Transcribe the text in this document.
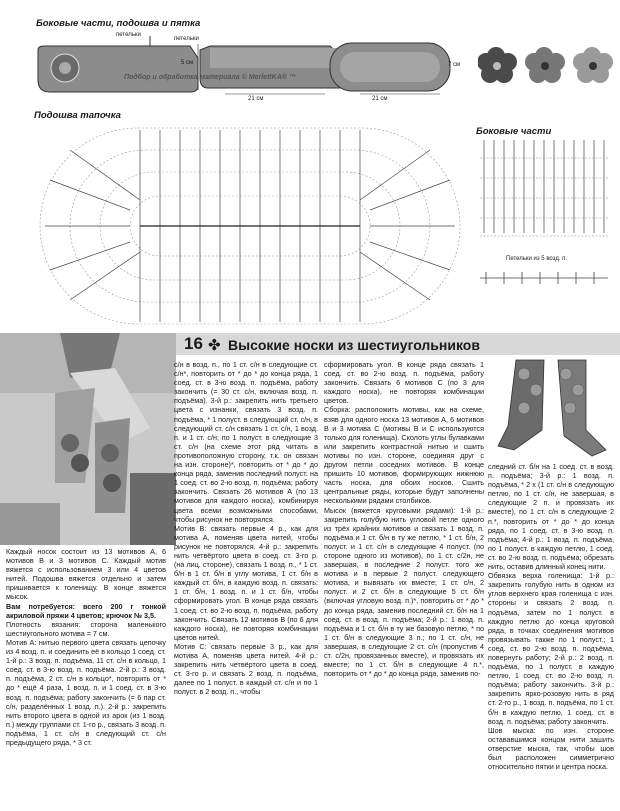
Боковые части, подошва и пятка
петельки
петельки
5 см	7 см
21 см	21 см
Подбор и обработка материала © MerlettKA® ™
Подошва тапочка
Боковые части
Петельки из 5 возд. п.
16 ✤ Высокие носки из шестиугольников

Каждый носок состоит из 13 мотивов А, 6 мотивов В и 3 мотивов С. Каждый мотив вяжется с использованием 3 или 4 цветов нитей. Подошва вяжется отдельно и затем пришивается к голенищу. В конце вяжется мысок.

Вам потребуется: всего 200 г тонкой акриловой пряжи 4 цветов; крючок № 3,5.

Плотность вязания: сторона маленького шестиугольного мотива = 7 см.

Мотив А: нитью первого цвета связать цепочку из 4 возд. п. и соединить её в кольцо 1 соед. ст. 1-й р.: 3 возд. п. подъёма, 11 ст. с/н в кольцо, 1 соед. ст. в 3-ю возд. п. подъёма. 2-й р.: 3 возд. п. подъёма, 2 ст. с/н в кольцо*, повторить от * до * ещё 4 раза, 1 возд. п. и 1 соед. ст. в 3-ю возд. п. подъёма; работу закончить (= 6 пар ст. с/н, разделённых 1 возд. п.). 2-й р.: закрепить нить второго цвета в одной из арок (из 1 возд. п.) между группами ст. 1-го р., связать 3 возд. п. подъёма, 1 ст. с/н в следующий ст. с/н предыдущего ряда, * 3 ст.

с/н в возд. п., по 1 ст. с/н в следующие ст. с/н*, повторить от * до * до конца ряда, 1 соед. ст. в 3-ю возд. п. подъёма, работу закончить (= 30 ст. с/н, включая возд. п. подъёма). 3-й р.: закрепить нить третьего цвета с изнанки, связать 3 возд. п. подъёма, * 1 полуст. в следующий ст. с/н, в следующий ст. с/н связать 1 ст. с/н, 1 возд. п. и 1 ст. с/н; по 1 полуст. в следующие 3 ст. с/н (на схеме этот ряд читать в противоположную сторону, т.к. он связан на изн. стороне)*, повторить от * до * до конца ряда, заменив последний полуст. на 1 соед. ст. во 2-ю возд. п. подъёма; работу закончить. Связать 26 мотивов А (по 13 мотивов для каждого носка), комбинируя цвета всеми возможными способами, чтобы рисунок не повторялся.

Мотив В: связать первые 4 р., как для мотива А, поменяв цвета нитей, чтобы рисунок не повторялся. 4-й р.: закрепить нить четвёртого цвета в соед. ст. 3-го р. (на лиц. стороне), связать 1 возд. п., * 1 ст. б/н в 1 ст. б/н в углу мотива, 1 ст. б/н в каждый ст. б/н, в каждую возд. п. связать: 1 ст. б/н, 1 возд. п. и 1 ст. б/н, чтобы сформировать угол. В конце ряда связать 1 соед. ст. во 2-ю возд. п. подъёма, работу закончить. Связать 12 мотивов В (по 6 для каждого носка), не повторяя комбинации цветов нитей.

Мотив С: связать первые 3 р., как для мотива А, поменяв цвета нитей. 4-й р.: закрепить нить четвёртого цвета в соед. ст. 3-го р. и связать 2 возд. п. подъёма, далее по 1 полуст. в каждый ст. с/н и по 1 полуст. в 2 возд. п., чтобы

сформировать угол. В конце ряда связать 1 соед. ст. во 2-ю возд. п. подъёма, работу закончить. Связать 6 мотивов С (по 3 для каждого носка), не повторяя комбинации цветов.

Сборка: расположить мотивы, как на схеме, взяв для одного носка 13 мотивов А, 6 мотивов В и 3 мотива С (мотивы В и С используются только для голенища). Сколоть углы булавками или закрепить контрастной нитью и сшить мотивы по изн. стороне, соединяя друг с другом петли соседних мотивов. В конце пришить 10 мотивов, формирующих нижнюю часть носка, для обоих носков. Сшить центральные ряды, которые будут заполнены несколькими рядами столбиков.

Мысок (вяжется круговыми рядами): 1-й р.: закрепить голубую нить угловой петле одного из трёх крайних мотивов и связать 1 возд. п. подъёма и 1 ст. б/н в ту же петлю, * 1 ст. б/н, 2 полуст. и 1 ст. с/н в следующие 4 полуст. (по стороне одного из мотивов), по 1 ст. с/2н, не завершая, в последние 2 полуст. того же мотива и в первые 2 полуст. следующего мотива, и вывязать их вместе; 1 ст. с/н, 2 полуст. и 2 ст. б/н в следующие 5 ст. б/н (включая угловую возд. п.)*, повторить от * до * до конца ряда, заменив последний ст. б/н на 1 соед. ст. в возд. п. подъёма; 2-й р.: 1 возд. п. подъёма и 1 ст. б/н в ту же базовую петлю, * по 1 ст. б/н в следующие 3 п.; по 1 ст. с/н, не завершая, в следующие 2 ст. с/н (пропустив 4 ст. с/2н, провязанных вместе), и провязать их вместе; по 1 ст. б/н в следующие 4 п.*, повторить от * до * до конца ряда, заменив по-

следний ст. б/н на 1 соед. ст. в возд. п. подъёма; 3-й р.: 1 возд. п. подъёма, * 2 х (1 ст. с/н в следующую петлю, по 1 ст. с/н, не завершая, в следующие 2 п. и провязать их вместе), по 1 ст. с/н в следующие 2 п.*, повторить от * до * до конца ряда, по 1 соед. ст. в 3-ю возд. п. подъёма; 4-й р.: 1 возд. п. подъёма, по 1 полуст. в каждую петлю, 1 соед. ст. во 2-ю возд. п. подъёма; обрезать нить, оставив длинный конец нити.

Обвязка верха голенища: 1-й р.: закрепить голубую нить в одном из углов верхнего края голенища с изн. стороны и связать 2 возд. п. подъёма, затем по 1 полуст. в каждую петлю до конца круговой ряда, в точках соединения мотивов провязывать также по 1 полуст.; 1 соед. ст. во 2-ю возд. п. подъёма, повернуть работу; 2-й р.: 2 возд. п. подъёма, по 1 полуст. в каждую петлю, 1 соед. ст. во 2-ю возд. п. подъёма; работу закончить. 3-й р.: закрепить ярко-розовую нить в ряд ст. 2-го р., 1 возд. п. подъёма, по 1 ст. б/н в каждую петлю, 1 соед. ст. в возд. п. подъёма; работу закончить.

Шов мыска: по изн. стороне остававшимся концом нити зашить отверстие мыска, так, чтобы шов был расположен симметрично относительно пятки и центра носка.
